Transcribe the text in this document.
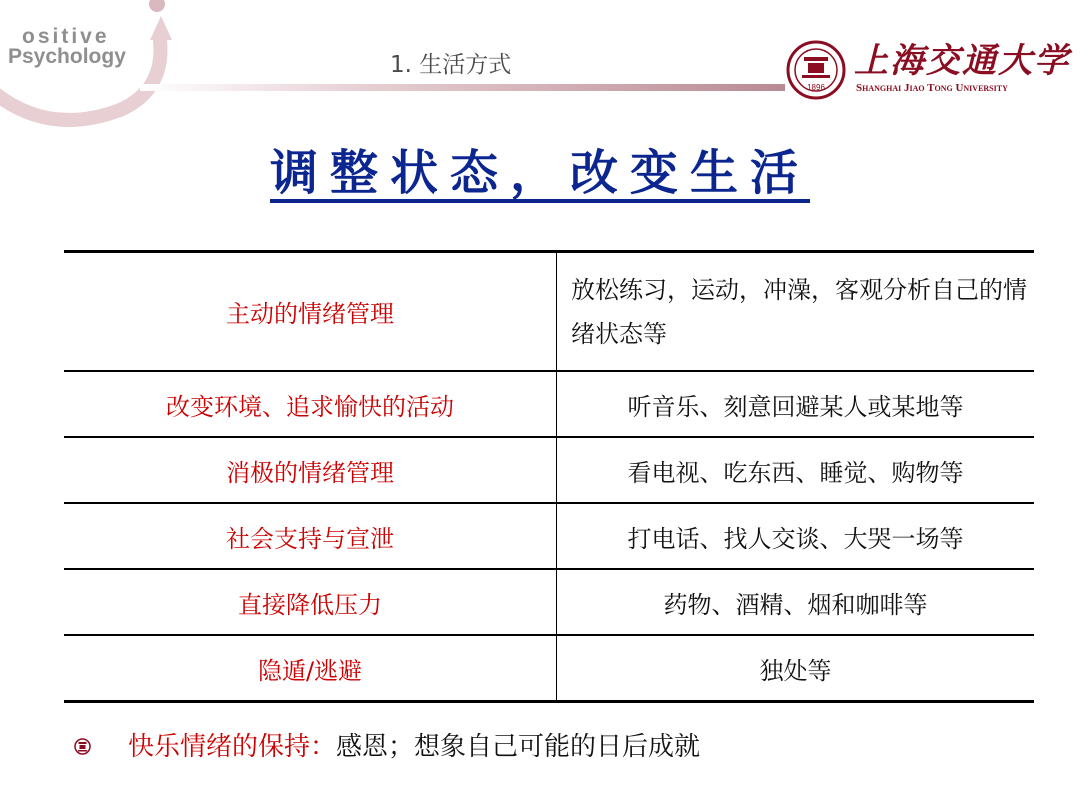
ositive
Psychology	1. 生活方式
1896
上海交通大学
Shanghai Jiao Tong University
调整状态，改变生活
主动的情绪管理	放松练习，运动，冲澡，客观分析自己的情绪状态等
改变环境、追求愉快的活动	听音乐、刻意回避某人或某地等
消极的情绪管理	看电视、吃东西、睡觉、购物等
社会支持与宣泄	打电话、找人交谈、大哭一场等
直接降低压力	药物、酒精、烟和咖啡等
隐遁/逃避	独处等
快乐情绪的保持：感恩；想象自己可能的日后成就
